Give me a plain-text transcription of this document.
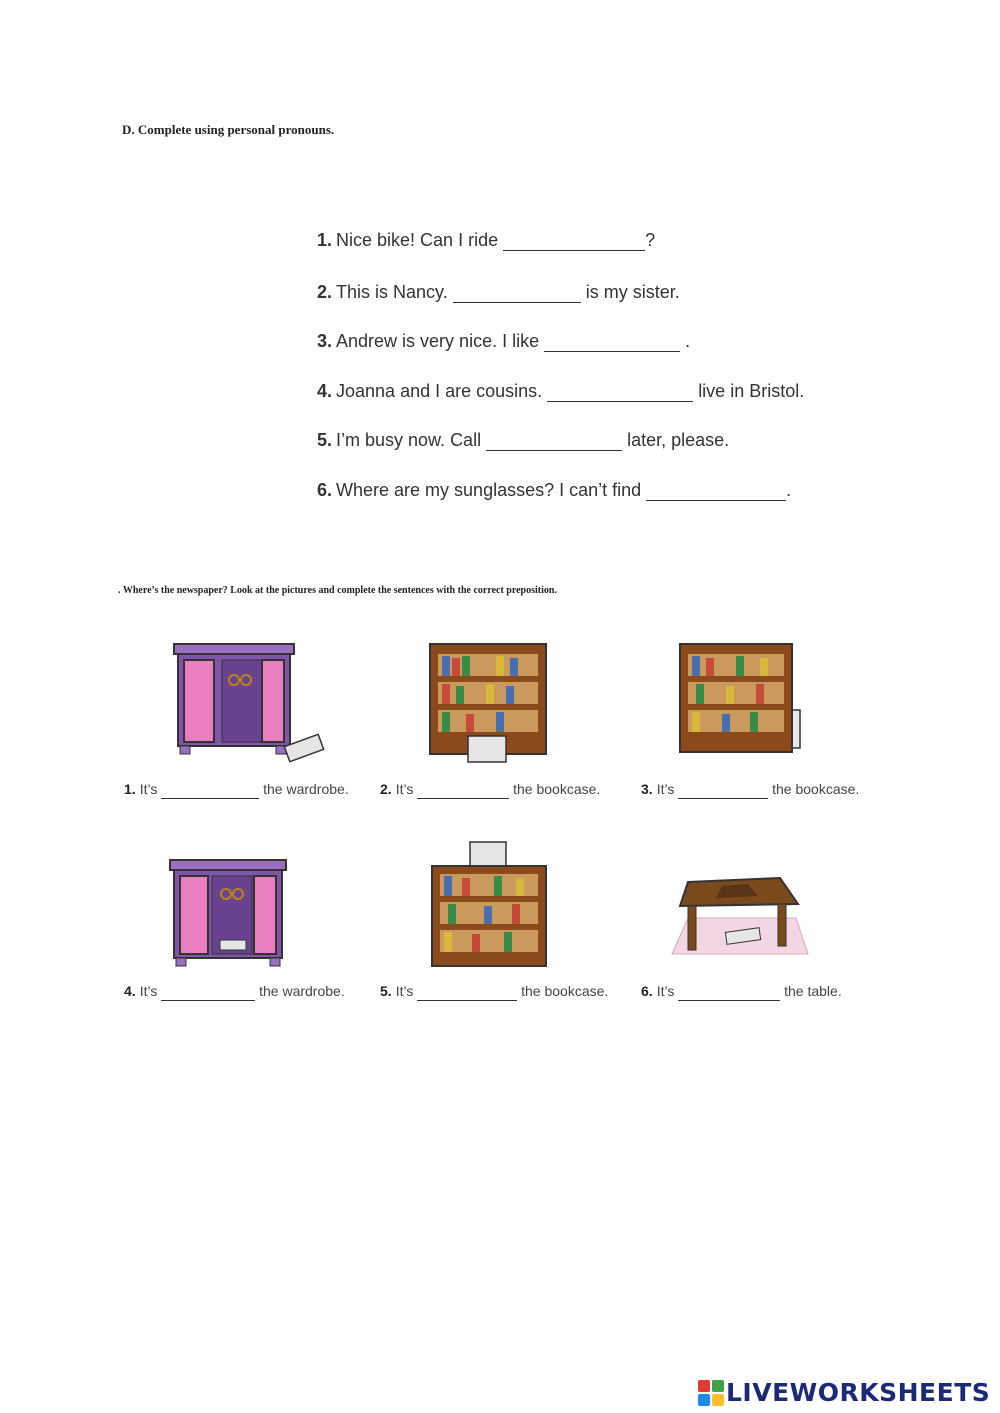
D. Complete using personal pronouns.
1. Nice bike! Can I ride	?
2. This is Nancy.	is my sister.
3. Andrew is very nice. I like	.
4. Joanna and I are cousins.	live in Bristol.
5. I’m busy now. Call	later, please.
6. Where are my sunglasses? I can’t find	.
. Where’s the newspaper? Look at the pictures and complete the sentences with the correct preposition.
1. It’s	the wardrobe. 2. It’s	the bookcase.	3. It’s	the bookcase.
4. It’s	the wardrobe.	5. It’s	the bookcase. 6. It’s	the table.
LIVEWORKSHEETS
